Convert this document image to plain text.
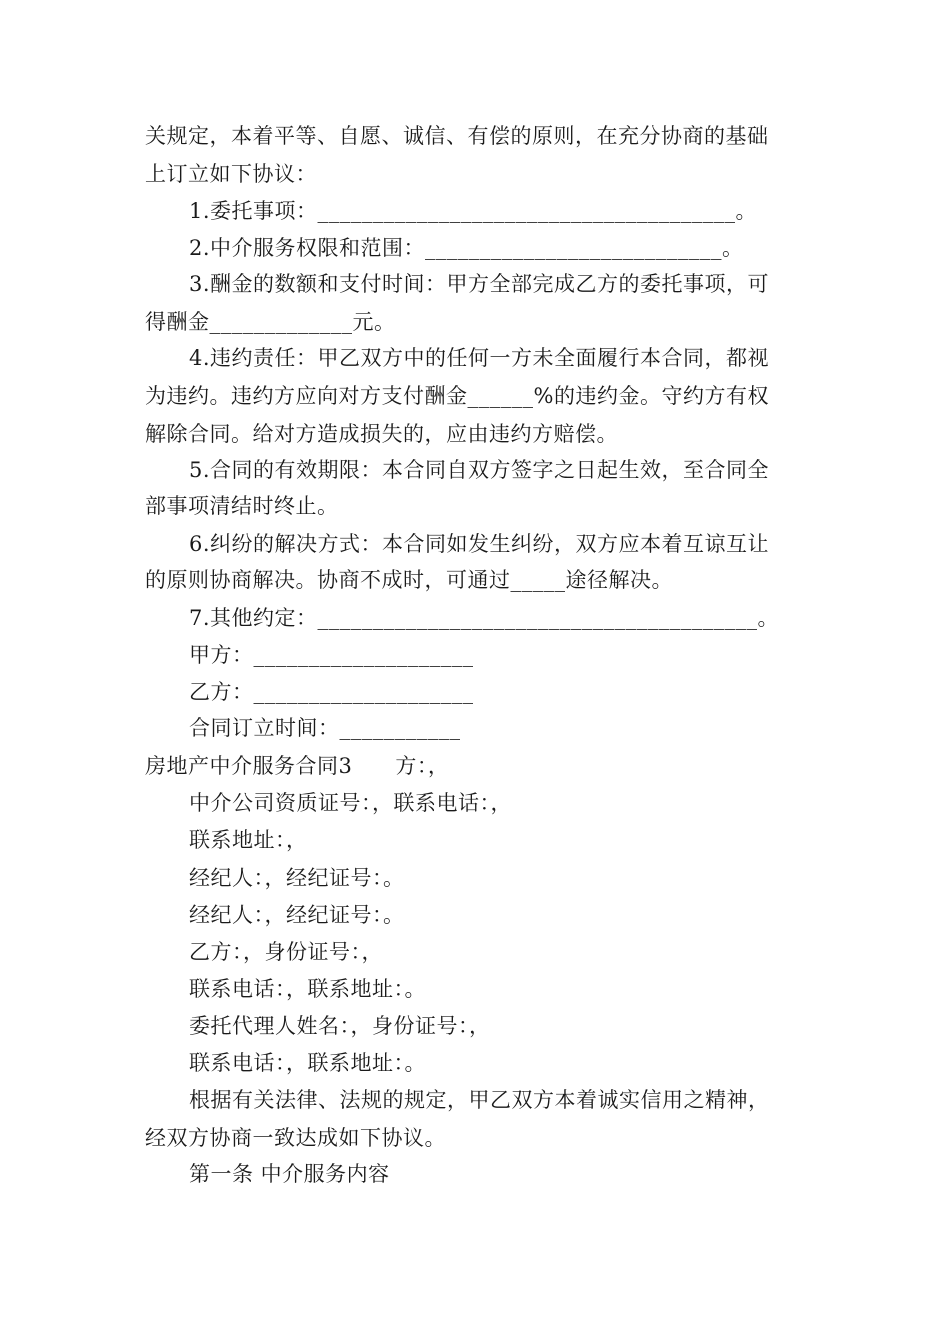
关规定，本着平等、自愿、诚信、有偿的原则，在充分协商的基础
上订立如下协议：
1.委托事项：______________________________________。
2.中介服务权限和范围：___________________________。
3.酬金的数额和支付时间：甲方全部完成乙方的委托事项，可
得酬金_____________元。
4.违约责任：甲乙双方中的任何一方未全面履行本合同，都视
为违约。违约方应向对方支付酬金______%的违约金。守约方有权
解除合同。给对方造成损失的，应由违约方赔偿。
5.合同的有效期限：本合同自双方签字之日起生效，至合同全
部事项清结时终止。
6.纠纷的解决方式：本合同如发生纠纷，双方应本着互谅互让
的原则协商解决。协商不成时，可通过_____途径解决。
7.其他约定：________________________________________。
甲方：____________________
乙方：____________________
合同订立时间：___________
房地产中介服务合同3　　方：，
中介公司资质证号：，联系电话：，
联系地址：，
经纪人：，经纪证号：。
经纪人：，经纪证号：。
乙方：，身份证号：，
联系电话：，联系地址：。
委托代理人姓名：，身份证号：，
联系电话：，联系地址：。
根据有关法律、法规的规定，甲乙双方本着诚实信用之精神，
经双方协商一致达成如下协议。
第一条 中介服务内容
